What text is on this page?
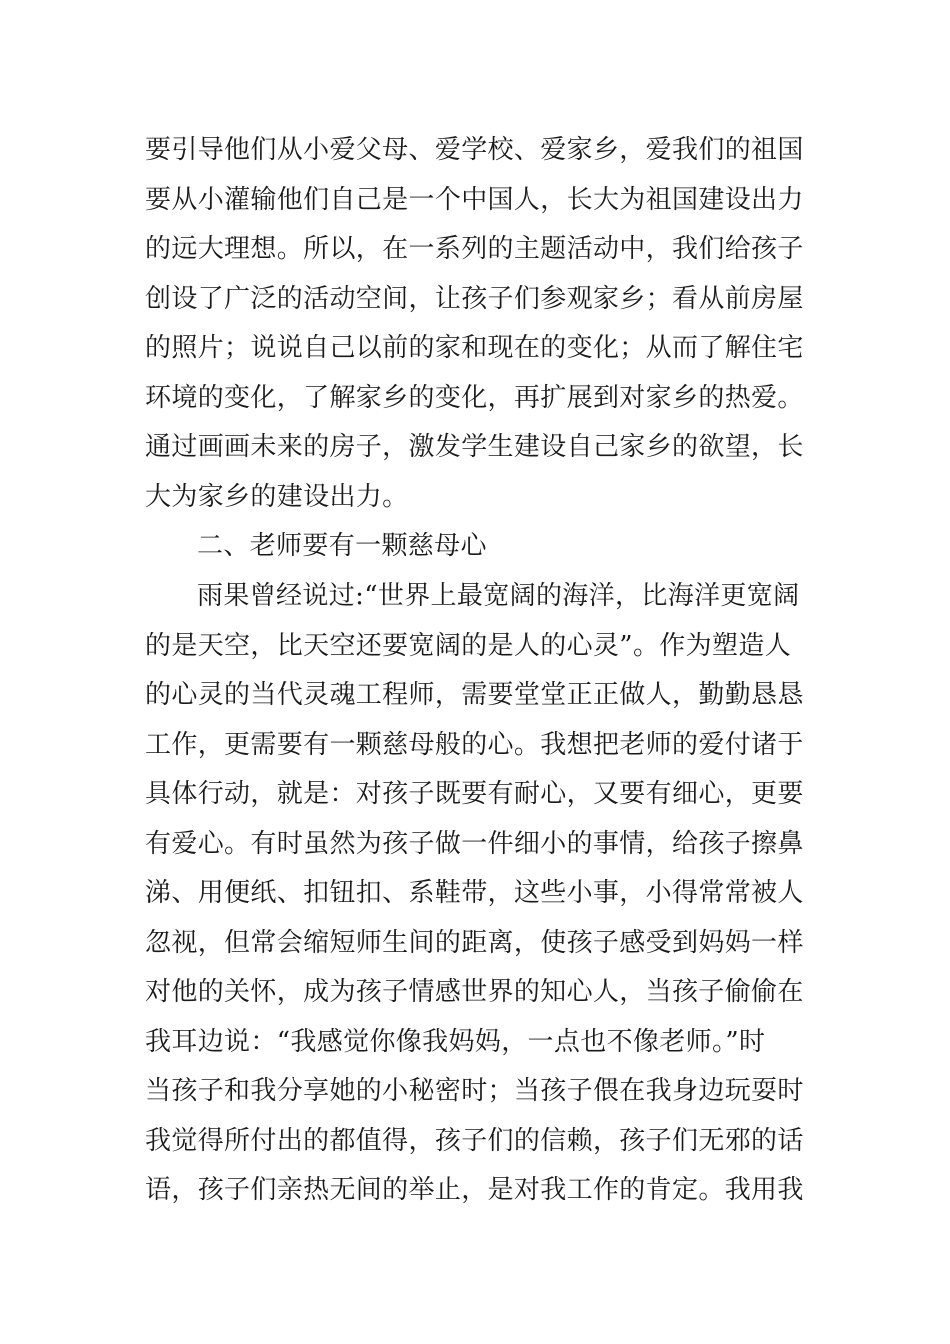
要引导他们从小爱父母、爱学校、爱家乡，爱我们的祖国
要从小灌输他们自己是一个中国人，长大为祖国建设出力
的远大理想。所以，在一系列的主题活动中，我们给孩子
创设了广泛的活动空间，让孩子们参观家乡；看从前房屋
的照片；说说自己以前的家和现在的变化；从而了解住宅
环境的变化，了解家乡的变化，再扩展到对家乡的热爱。
通过画画未来的房子，激发学生建设自己家乡的欲望，长
大为家乡的建设出力。
二、老师要有一颗慈母心
雨果曾经说过:“世界上最宽阔的海洋，比海洋更宽阔
的是天空，比天空还要宽阔的是人的心灵”。作为塑造人
的心灵的当代灵魂工程师，需要堂堂正正做人，勤勤恳恳
工作，更需要有一颗慈母般的心。我想把老师的爱付诸于
具体行动，就是：对孩子既要有耐心，又要有细心，更要
有爱心。有时虽然为孩子做一件细小的事情，给孩子擦鼻
涕、用便纸、扣钮扣、系鞋带，这些小事，小得常常被人
忽视，但常会缩短师生间的距离，使孩子感受到妈妈一样
对他的关怀，成为孩子情感世界的知心人，当孩子偷偷在
我耳边说：“我感觉你像我妈妈，一点也不像老师。”时
当孩子和我分享她的小秘密时；当孩子偎在我身边玩耍时
我觉得所付出的都值得，孩子们的信赖，孩子们无邪的话
语，孩子们亲热无间的举止，是对我工作的肯定。我用我
